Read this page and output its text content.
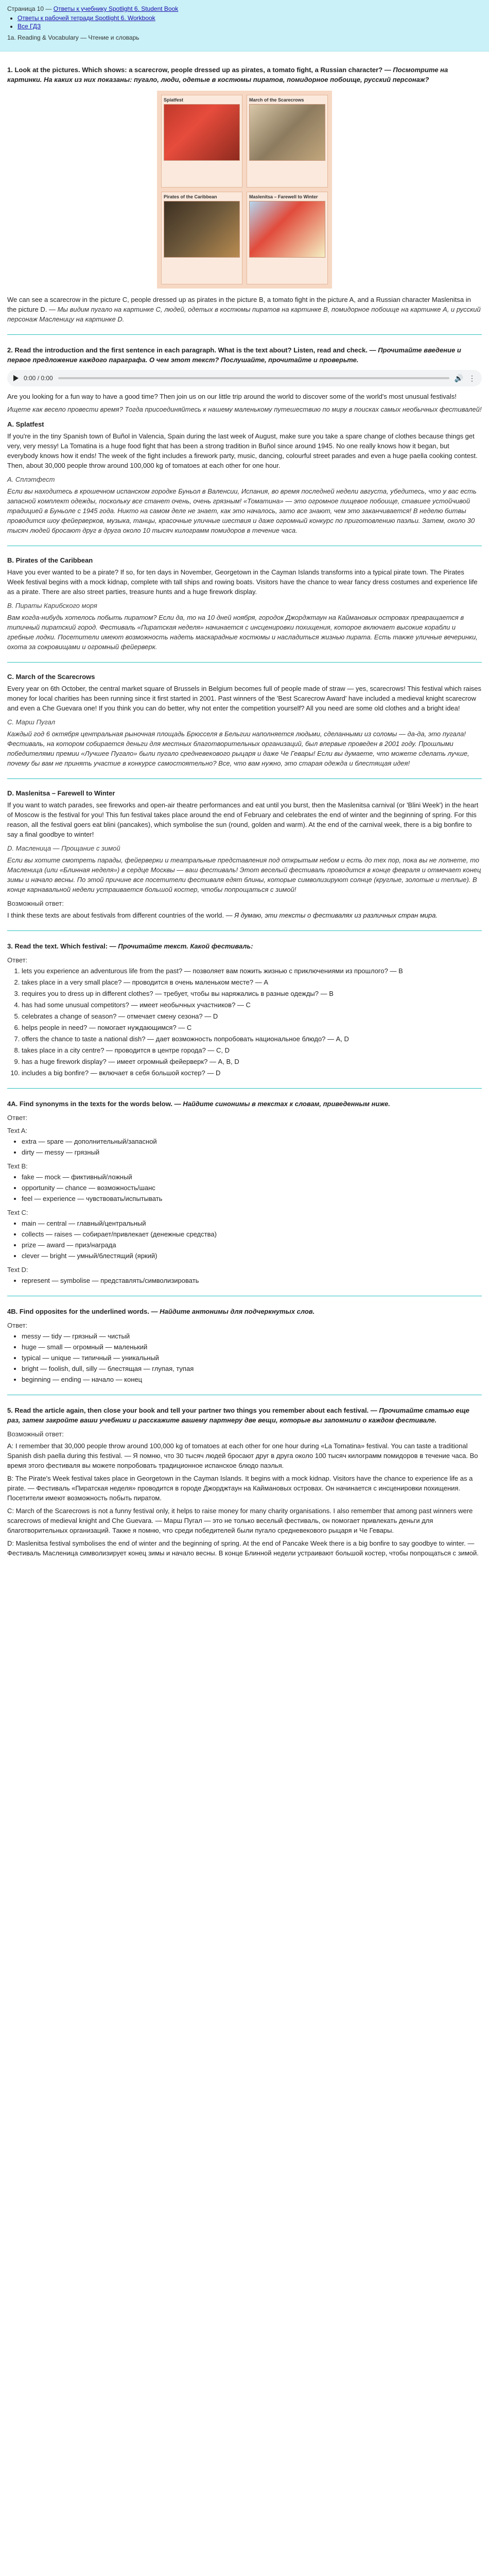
Страница 10 — Ответы к учебнику Spotlight 6. Student Book
• Ответы к рабочей тетради Spotlight 6. Workbook
• Все ГДЗ
1a. Reading & Vocabulary — Чтение и словарь
1. Look at the pictures. Which shows: a scarecrow, people dressed up as pirates, a tomato fight, a Russian character? — Посмотрите на картинки. На каких из них показаны: пугало, люди, одетые в костюмы пиратов, помидорное побоище, русский персонаж?
Spiatfest	March of the Scarecrows
Pirates of the Caribbean	Maslenitsa – Farewell to Winter
We can see a scarecrow in the picture C, people dressed up as pirates in the picture B, a tomato fight in the picture A, and a Russian character Maslenitsa in the picture D. — Мы видим пугало на картинке С, людей, одетых в костюмы пиратов на картинке В, помидорное побоище на картинке А, и русский персонаж Масленицу на картинке D.
2. Read the introduction and the first sentence in each paragraph. What is the text about? Listen, read and check. — Прочитайте введение и первое предложение каждого параграфа. О чем этот текст? Послушайте, прочитайте и проверьте.
0:00 / 0:00	🔊 ⋮
Are you looking for a fun way to have a good time? Then join us on our little trip around the world to discover some of the world's most unusual festivals!
Ищете как весело провести время? Тогда присоединяйтесь к нашему маленькому путешествию по миру в поисках самых необычных фестивалей!
A. Splatfest
If you're in the tiny Spanish town of Buñol in Valencia, Spain during the last week of August, make sure you take a spare change of clothes because things get very, very messy! La Tomatina is a huge food fight that has been a strong tradition in Buñol since around 1945. No one really knows how it began, but everybody knows how it ends! The week of the fight includes a firework party, music, dancing, colourful street parades and even a huge paella cooking contest. Then, about 30,000 people throw around 100,000 kg of tomatoes at each other for one hour.
А. Сплэтфест
Если вы находитесь в крошечном испанском городке Буньол в Валенсии, Испания, во время последней недели августа, убедитесь, что у вас есть запасной комплект одежды, поскольку все станет очень, очень грязным! «Томатина» — это огромное пищевое побоище, ставшее устойчивой традицией в Буньоле с 1945 года. Никто на самом деле не знает, как это началось, зато все знают, чем это заканчивается! В неделю битвы проводится шоу фейерверков, музыка, танцы, красочные уличные шествия и даже огромный конкурс по приготовлению паэльи. Затем, около 30 тысяч людей бросают друг в друга около 10 тысяч килограмм помидоров в течение часа.
B. Pirates of the Caribbean
Have you ever wanted to be a pirate? If so, for ten days in November, Georgetown in the Cayman Islands transforms into a typical pirate town. The Pirates Week festival begins with a mock kidnap, complete with tall ships and rowing boats. Visitors have the chance to wear fancy dress costumes and experience life as a pirate. There are also street parties, treasure hunts and a huge firework display.
В. Пираты Карибского моря
Вам когда-нибудь хотелось побыть пиратом? Если да, то на 10 дней ноября, городок Джорджтаун на Каймановых островах превращается в типичный пиратский город. Фестиваль «Пиратская неделя» начинается с инсценировки похищения, которое включает высокие корабли и гребные лодки. Посетители имеют возможность надеть маскарадные костюмы и насладиться жизнью пирата. Есть также уличные вечеринки, охота за сокровищами и огромный фейерверк.
C. March of the Scarecrows
Every year on 6th October, the central market square of Brussels in Belgium becomes full of people made of straw — yes, scarecrows! This festival which raises money for local charities has been running since it first started in 2001. Past winners of the 'Best Scarecrow Award' have included a medieval knight scarecrow and even a Che Guevara one! If you think you can do better, why not enter the competition yourself? All you need are some old clothes and a bright idea!
С. Марш Пугал
Каждый год 6 октября центральная рыночная площадь Брюсселя в Бельгии наполняется людьми, сделанными из соломы — да-да, это пугала! Фестиваль, на котором собирается деньги для местных благотворительных организаций, был впервые проведен в 2001 году. Прошлыми победителями премии «Лучшее Пугало» были пугало средневекового рыцаря и даже Че Гевары! Если вы думаете, что можете сделать лучше, почему бы вам не принять участие в конкурсе самостоятельно? Все, что вам нужно, это старая одежда и блестящая идея!
D. Maslenitsa – Farewell to Winter
If you want to watch parades, see fireworks and open-air theatre performances and eat until you burst, then the Maslenitsa carnival (or 'Blini Week') in the heart of Moscow is the festival for you! This fun festival takes place around the end of February and celebrates the end of winter and the beginning of spring. For this reason, all the festival goers eat blini (pancakes), which symbolise the sun (round, golden and warm). At the end of the carnival week, there is a big bonfire to say a final goodbye to winter!
D. Масленица — Прощание с зимой
Если вы хотите смотреть парады, фейерверки и театральные представления под открытым небом и есть до тех пор, пока вы не лопнете, то Масленица (или «Блинная неделя») в сердце Москвы — ваш фестиваль! Этот веселый фестиваль проводится в конце февраля и отмечает конец зимы и начало весны. По этой причине все посетители фестиваля едят блины, которые символизируют солнце (круглые, золотые и теплые). В конце карнавальной недели устраивается большой костер, чтобы попрощаться с зимой!
Возможный ответ:
I think these texts are about festivals from different countries of the world. — Я думаю, эти тексты о фестивалях из различных стран мира.
3. Read the text. Which festival: — Прочитайте текст. Какой фестиваль:
Ответ:
1. lets you experience an adventurous life from the past? — позволяет вам пожить жизнью с приключениями из прошлого? — B
2. takes place in a very small place? — проводится в очень маленьком месте? — A
3. requires you to dress up in different clothes? — требует, чтобы вы наряжались в разные одежды? — B
4. has had some unusual competitors? — имеет необычных участников? — C
5. celebrates a change of season? — отмечает смену сезона? — D
6. helps people in need? — помогает нуждающимся? — C
7. offers the chance to taste a national dish? — дает возможность попробовать национальное блюдо? — A, D
8. takes place in a city centre? — проводится в центре города? — C, D
9. has a huge firework display? — имеет огромный фейерверк? — A, B, D
10. includes a big bonfire? — включает в себя большой костер? — D
4A. Find synonyms in the texts for the words below. — Найдите синонимы в текстах к словам, приведенным ниже.
Ответ:
Text A:
• extra — spare — дополнительный/запасной
• dirty — messy — грязный
Text B:
• fake — mock — фиктивный/ложный
• opportunity — chance — возможность/шанс
• feel — experience — чувствовать/испытывать
Text C:
• main — central — главный/центральный
• collects — raises — собирает/привлекает (денежные средства)
• prize — award — приз/награда
• clever — bright — умный/блестящий (яркий)
Text D:
• represent — symbolise — представлять/символизировать
4B. Find opposites for the underlined words. — Найдите антонимы для подчеркнутых слов.
Ответ:
• messy — tidy — грязный — чистый
• huge — small — огромный — маленький
• typical — unique — типичный — уникальный
• bright — foolish, dull, silly — блестящая — глупая, тупая
• beginning — ending — начало — конец
5. Read the article again, then close your book and tell your partner two things you remember about each festival. — Прочитайте статью еще раз, затем закройте ваши учебники и расскажите вашему партнеру две вещи, которые вы запомнили о каждом фестивале.
Возможный ответ:
A: I remember that 30,000 people throw around 100,000 kg of tomatoes at each other for one hour during «La Tomatina» festival. You can taste a traditional Spanish dish paella during this festival. — Я помню, что 30 тысяч людей бросают друг в друга около 100 тысяч килограмм помидоров в течение часа. Во время этого фестиваля вы можете попробовать традиционное испанское блюдо паэлья.
B: The Pirate's Week festival takes place in Georgetown in the Cayman Islands. It begins with a mock kidnap. Visitors have the chance to experience life as a pirate. — Фестиваль «Пиратская неделя» проводится в городе Джорджтаун на Каймановых островах. Он начинается с инсценировки похищения. Посетители имеют возможность побыть пиратом.
C: March of the Scarecrows is not a funny festival only, it helps to raise money for many charity organisations. I also remember that among past winners were scarecrows of medieval knight and Che Guevara. — Марш Пугал — это не только веселый фестиваль, он помогает привлекать деньги для благотворительных организаций. Также я помню, что среди победителей были пугало средневекового рыцаря и Че Гевары.
D: Maslenitsa festival symbolises the end of winter and the beginning of spring. At the end of Pancake Week there is a big bonfire to say goodbye to winter. — Фестиваль Масленица символизирует конец зимы и начало весны. В конце Блинной недели устраивают большой костер, чтобы попрощаться с зимой.
